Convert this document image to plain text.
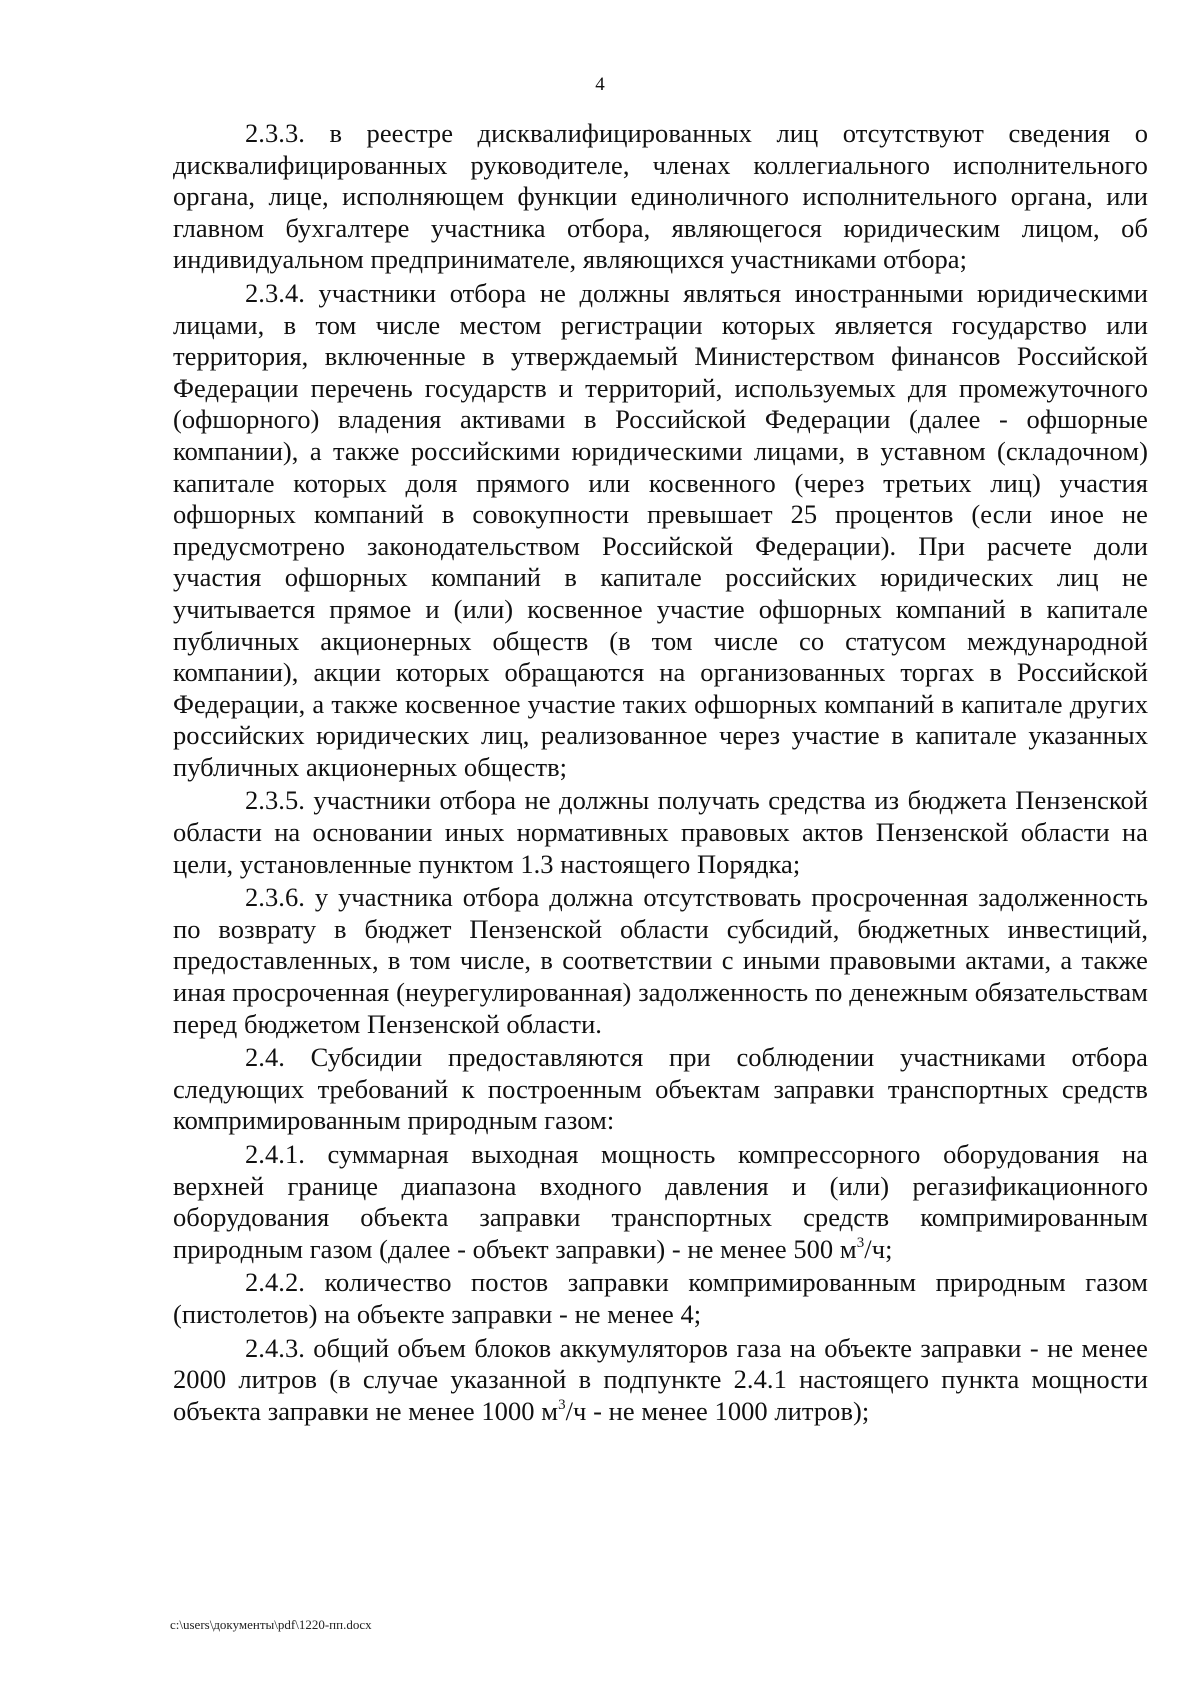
4

2.3.3. в реестре дисквалифицированных лиц отсутствуют сведения о дисквалифицированных руководителе, членах коллегиального исполнительного органа, лице, исполняющем функции единоличного исполнительного органа, или главном бухгалтере участника отбора, являющегося юридическим лицом, об индивидуальном предпринимателе, являющихся участниками отбора;

2.3.4. участники отбора не должны являться иностранными юридическими лицами, в том числе местом регистрации которых является государство или территория, включенные в утверждаемый Министерством финансов Российской Федерации перечень государств и территорий, используемых для промежуточного (офшорного) владения активами в Российской Федерации (далее - офшорные компании), а также российскими юридическими лицами, в уставном (складочном) капитале которых доля прямого или косвенного (через третьих лиц) участия офшорных компаний в совокупности превышает 25 процентов (если иное не предусмотрено законодательством Российской Федерации). При расчете доли участия офшорных компаний в капитале российских юридических лиц не учитывается прямое и (или) косвенное участие офшорных компаний в капитале публичных акционерных обществ (в том числе со статусом международной компании), акции которых обращаются на организованных торгах в Российской Федерации, а также косвенное участие таких офшорных компаний в капитале других российских юридических лиц, реализованное через участие в капитале указанных публичных акционерных обществ;

2.3.5. участники отбора не должны получать средства из бюджета Пензенской области на основании иных нормативных правовых актов Пензенской области на цели, установленные пунктом 1.3 настоящего Порядка;

2.3.6. у участника отбора должна отсутствовать просроченная задолженность по возврату в бюджет Пензенской области субсидий, бюджетных инвестиций, предоставленных, в том числе, в соответствии с иными правовыми актами, а также иная просроченная (неурегулированная) задолженность по денежным обязательствам перед бюджетом Пензенской области.

2.4. Субсидии предоставляются при соблюдении участниками отбора следующих требований к построенным объектам заправки транспортных средств компримированным природным газом:

2.4.1. суммарная выходная мощность компрессорного оборудования на верхней границе диапазона входного давления и (или) регазификационного оборудования объекта заправки транспортных средств компримированным природным газом (далее - объект заправки) - не менее 500 $м^3/ч$;

2.4.2. количество постов заправки компримированным природным газом (пистолетов) на объекте заправки - не менее 4;

2.4.3. общий объем блоков аккумуляторов газа на объекте заправки - не менее 2000 литров (в случае указанной в подпункте 2.4.1 настоящего пункта мощности объекта заправки не менее 1000 $м^3/ч$ - не менее 1000 литров);

c:\users\документы\pdf\1220-пп.docx
